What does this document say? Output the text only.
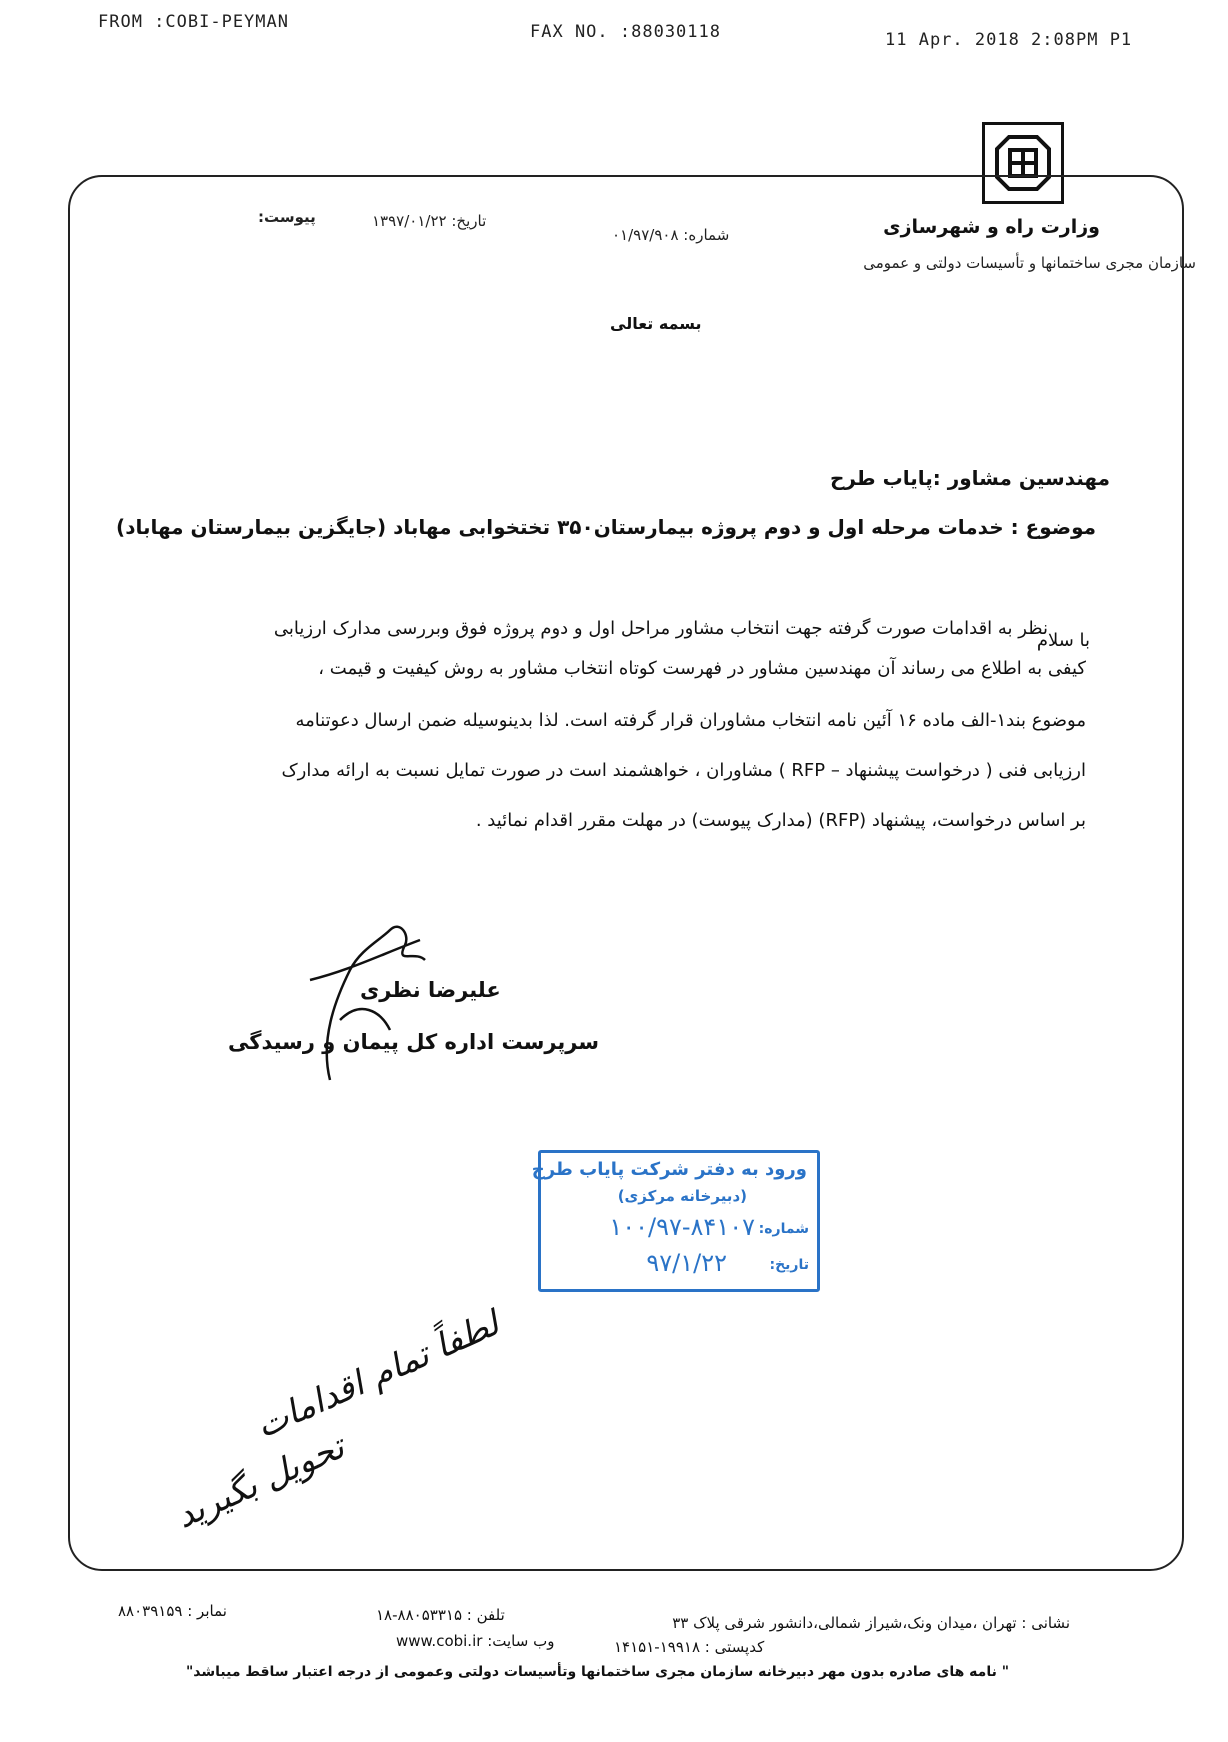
FROM :COBI-PEYMAN	FAX NO. :88030118	11 Apr. 2018 2:08PM P1
وزارت راه و شهرسازی
سازمان مجری ساختمانها و تأسیسات دولتی و عمومی
شماره: ۰۱/۹۷/۹۰۸
تاریخ: ۱۳۹۷/۰۱/۲۲
پیوست:
بسمه تعالی
مهندسین مشاور :پایاب طرح
موضوع : خدمات مرحله اول و دوم پروژه بیمارستان۳۵۰ تختخوابی مهاباد (جایگزین بیمارستان مهاباد)
با سلام
نظر به اقدامات صورت گرفته جهت انتخاب مشاور مراحل اول و دوم پروژه فوق وبررسی مدارک ارزیابی
کیفی به اطلاع می رساند آن مهندسین مشاور در فهرست کوتاه انتخاب مشاور به روش کیفیت و قیمت ،
موضوع بند۱-الف ماده ۱۶ آئین نامه انتخاب مشاوران قرار گرفته است. لذا بدینوسیله ضمن ارسال دعوتنامه
ارزیابی فنی ( درخواست پیشنهاد – RFP ) مشاوران ، خواهشمند است در صورت تمایل نسبت به ارائه مدارک
بر اساس درخواست، پیشنهاد (RFP) (مدارک پیوست) در مهلت مقرر اقدام نمائید .
علیرضا نظری
سرپرست اداره کل پیمان و رسیدگی
ورود به دفتر شرکت پایاب طرح
(دبیرخانه مرکزی)
شماره:
۱۰۰/۹۷-۸۴۱۰۷
تاریخ:
۹۷/۱/۲۲
لطفاً تمام اقدامات
تحویل بگیرید
نمابر : ۸۸۰۳۹۱۵۹	تلفن : ۸۸۰۵۳۳۱۵-۱۸	نشانی : تهران ،میدان ونک،شیراز شمالی،دانشور شرقی پلاک ۳۳
وب سایت: www.cobi.ir	کدپستی : ۱۹۹۱۸-۱۴۱۵۱
" نامه های صادره بدون مهر دبیرخانه سازمان مجری ساختمانها وتأسیسات دولتی وعمومی از درجه اعتبار ساقط میباشد"
